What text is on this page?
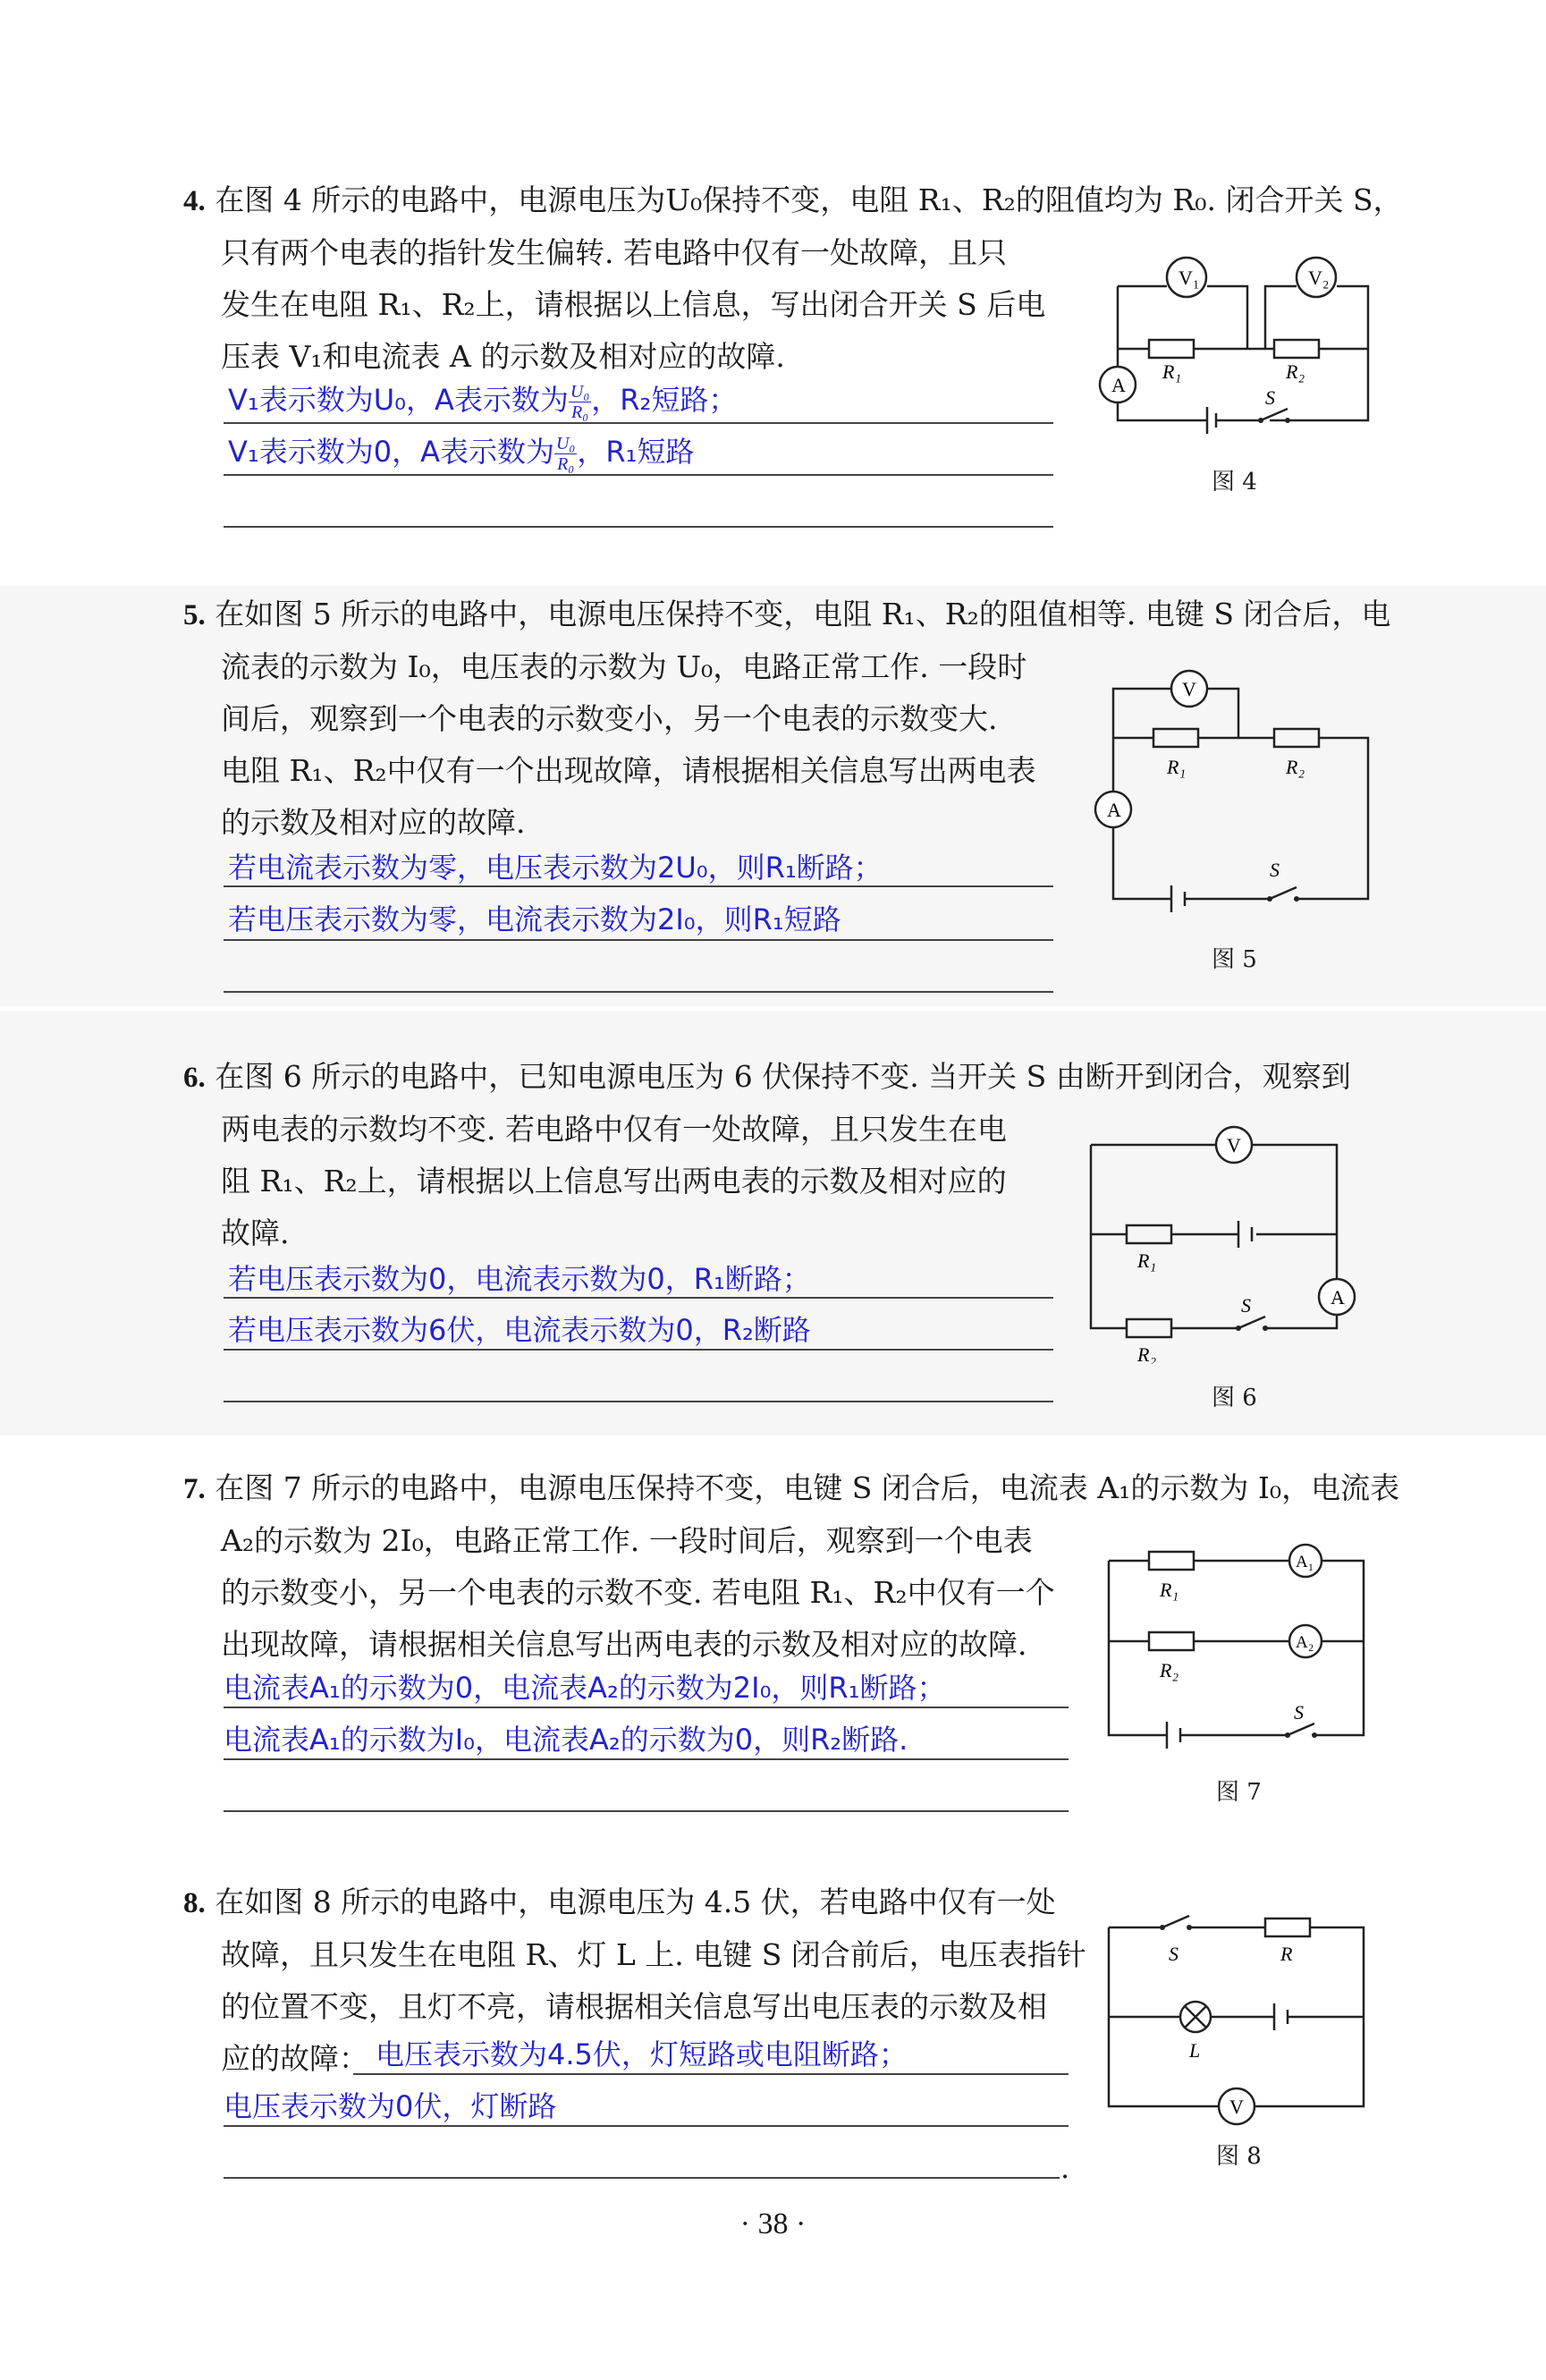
4. 在图 4 所示的电路中，电源电压为U₀保持不变，电阻 R₁、R₂的阻值均为 R₀. 闭合开关 S，
只有两个电表的指针发生偏转. 若电路中仅有一处故障，且只
发生在电阻 R₁、R₂上，请根据以上信息，写出闭合开关 S 后电
压表 V₁和电流表 A 的示数及相对应的故障.
V₁表示数为U₀，A表示数为 $\frac{\text{U₀}}{\text{R₀}}$ ，R₂短路；
V₁表示数为0，A表示数为 $\frac{\text{U₀}}{\text{R₀}}$ ，R₁短路
V₁	V₂
R₁	R₂
A
S
图 4
5. 在如图 5 所示的电路中，电源电压保持不变，电阻 R₁、R₂的阻值相等. 电键 S 闭合后，电
流表的示数为 I₀，电压表的示数为 U₀，电路正常工作. 一段时
间后，观察到一个电表的示数变小，另一个电表的示数变大.
电阻 R₁、R₂中仅有一个出现故障，请根据相关信息写出两电表
的示数及相对应的故障.
若电流表示数为零，电压表示数为2U₀，则R₁断路；
若电压表示数为零，电流表示数为2I₀，则R₁短路
V
R₁	R₂
A
S
图 5
6. 在图 6 所示的电路中，已知电源电压为 6 伏保持不变. 当开关 S 由断开到闭合，观察到
两电表的示数均不变. 若电路中仅有一处故障，且只发生在电
阻 R₁、R₂上，请根据以上信息写出两电表的示数及相对应的
故障.
若电压表示数为0，电流表示数为0，R₁断路；
若电压表示数为6伏，电流表示数为0，R₂断路
V
R₁
R₂
A
S
图 6
7. 在图 7 所示的电路中，电源电压保持不变，电键 S 闭合后，电流表 A₁的示数为 I₀，电流表
A₂的示数为 2I₀，电路正常工作. 一段时间后，观察到一个电表
的示数变小，另一个电表的示数不变. 若电阻 R₁、R₂中仅有一个
出现故障，请根据相关信息写出两电表的示数及相对应的故障.
电流表A₁的示数为0，电流表A₂的示数为2I₀，则R₁断路；
电流表A₁的示数为I₀，电流表A₂的示数为0，则R₂断路.
R₁
A₁
R₂
A₂
S
图 7
8. 在如图 8 所示的电路中，电源电压为 4.5 伏，若电路中仅有一处
故障，且只发生在电阻 R、灯 L 上. 电键 S 闭合前后，电压表指针
的位置不变，且灯不亮，请根据相关信息写出电压表的示数及相
应的故障： 电压表示数为4.5伏，灯短路或电阻断路；
电压表示数为0伏，灯断路
.
S	R
L
V
图 8
· 38 ·
